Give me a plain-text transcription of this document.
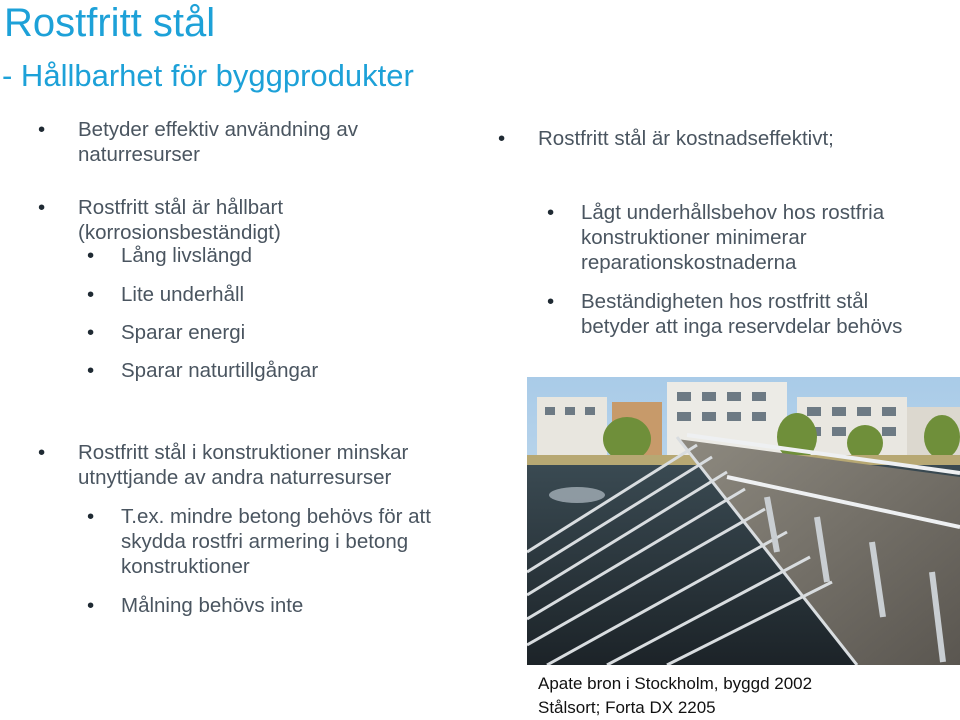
Rostfritt stål
- Hållbarhet för byggprodukter
• Betyder effektiv användning av naturresurser
• Rostfritt stål är hållbart (korrosionsbeständigt)
• Lång livslängd
• Lite underhåll
• Sparar energi
• Sparar naturtillgångar
• Rostfritt stål är kostnadseffektivt;
• Lågt underhållsbehov hos rostfria konstruktioner minimerar reparationskostnaderna
• Beständigheten hos rostfritt stål betyder att inga reservdelar behövs
• Rostfritt stål i konstruktioner minskar utnyttjande av andra naturresurser
• T.ex. mindre betong behövs för att skydda rostfri armering i betong konstruktioner
• Målning behövs inte
Apate bron i Stockholm, byggd 2002
Stålsort; Forta DX 2205
